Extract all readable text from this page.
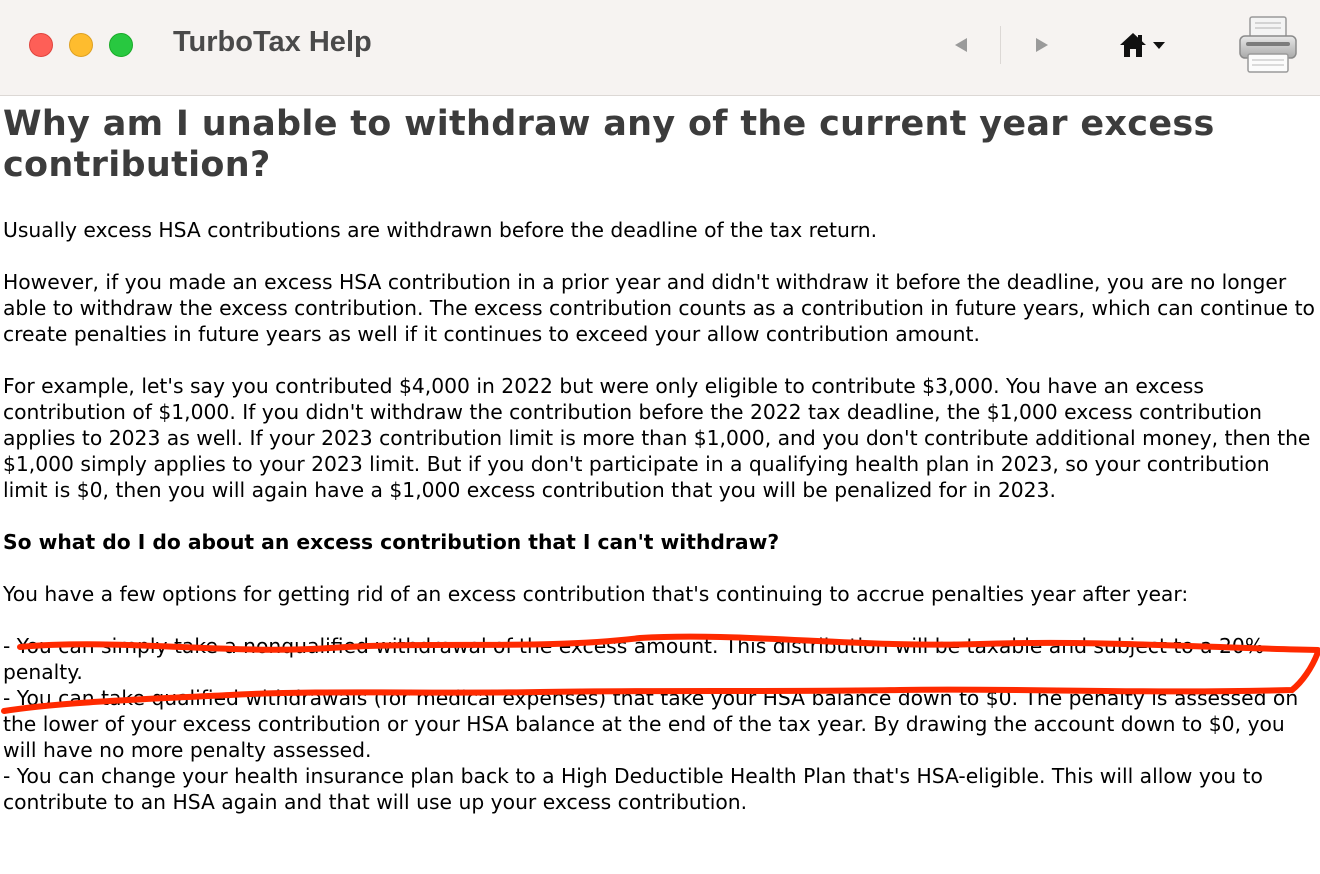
TurboTax Help
Why am I unable to withdraw any of the current year excess contribution?

Usually excess HSA contributions are withdrawn before the deadline of the tax return.

However, if you made an excess HSA contribution in a prior year and didn't withdraw it before the deadline, you are no longer able to withdraw the excess contribution. The excess contribution counts as a contribution in future years, which can continue to create penalties in future years as well if it continues to exceed your allow contribution amount.

For example, let's say you contributed $4,000 in 2022 but were only eligible to contribute $3,000. You have an excess contribution of $1,000. If you didn't withdraw the contribution before the 2022 tax deadline, the $1,000 excess contribution applies to 2023 as well. If your 2023 contribution limit is more than $1,000, and you don't contribute additional money, then the $1,000 simply applies to your 2023 limit. But if you don't participate in a qualifying health plan in 2023, so your contribution limit is $0, then you will again have a $1,000 excess contribution that you will be penalized for in 2023.

So what do I do about an excess contribution that I can't withdraw?

You have a few options for getting rid of an excess contribution that's continuing to accrue penalties year after year:

- You can simply take a nonqualified withdrawal of the excess amount. This distribution will be taxable and subject to a 20% penalty.

- You can take qualified withdrawals (for medical expenses) that take your HSA balance down to $0. The penalty is assessed on the lower of your excess contribution or your HSA balance at the end of the tax year. By drawing the account down to $0, you will have no more penalty assessed.

- You can change your health insurance plan back to a High Deductible Health Plan that's HSA-eligible. This will allow you to contribute to an HSA again and that will use up your excess contribution.
